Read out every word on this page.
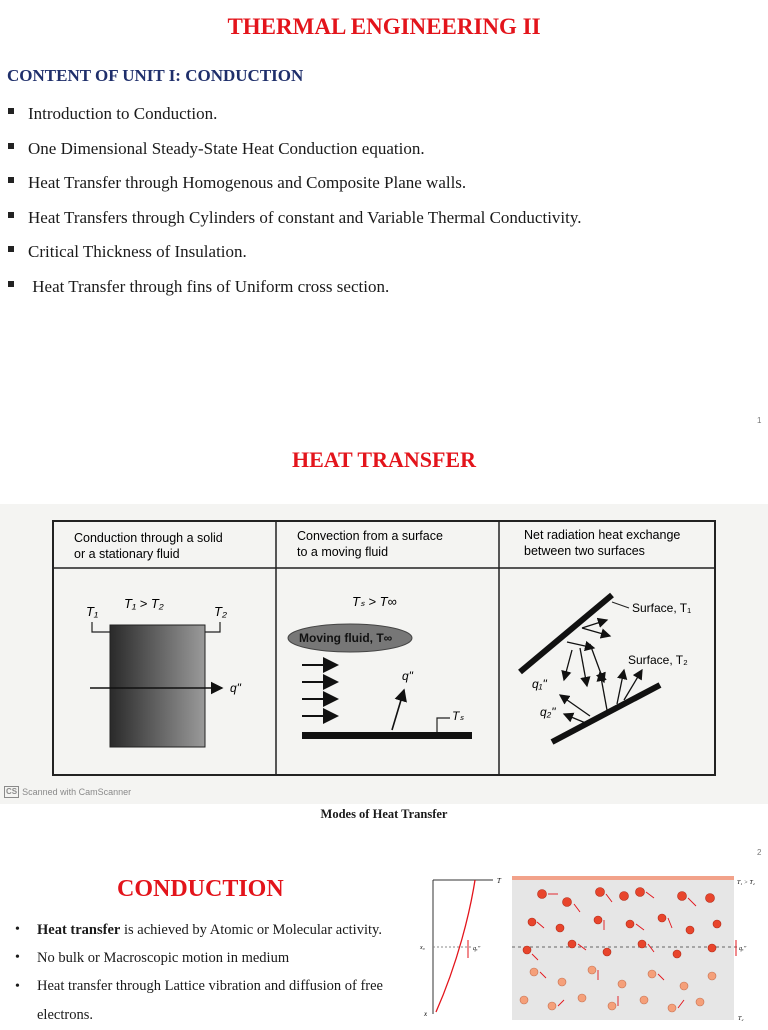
THERMAL ENGINEERING II
CONTENT OF UNIT I: CONDUCTION
Introduction to Conduction.
One Dimensional Steady-State Heat Conduction equation.
Heat Transfer through Homogenous and Composite Plane walls.
Heat Transfers through Cylinders of constant and Variable Thermal Conductivity.
Critical Thickness of Insulation.
Heat Transfer through fins of Uniform cross section.
1
HEAT TRANSFER
Conduction through a solid
or a stationary fluid
Convection from a surface
to a moving fluid
Net radiation heat exchange
between two surfaces
T₁ > T₂
T₁	T₂
q"
Tₛ > T∞
Moving fluid, T∞
q"
Tₛ
Surface, T₁
Surface, T₂
q₁"
q₂"
CS Scanned with CamScanner
Modes of Heat Transfer
2
CONDUCTION
• Heat transfer is achieved by Atomic or Molecular activity.
• No bulk or Macroscopic motion in medium
• Heat transfer through Lattice vibration and diffusion of free electrons.
T
x₀	qₓ"
x
T₁ > T₂
qₓ"
T₂
